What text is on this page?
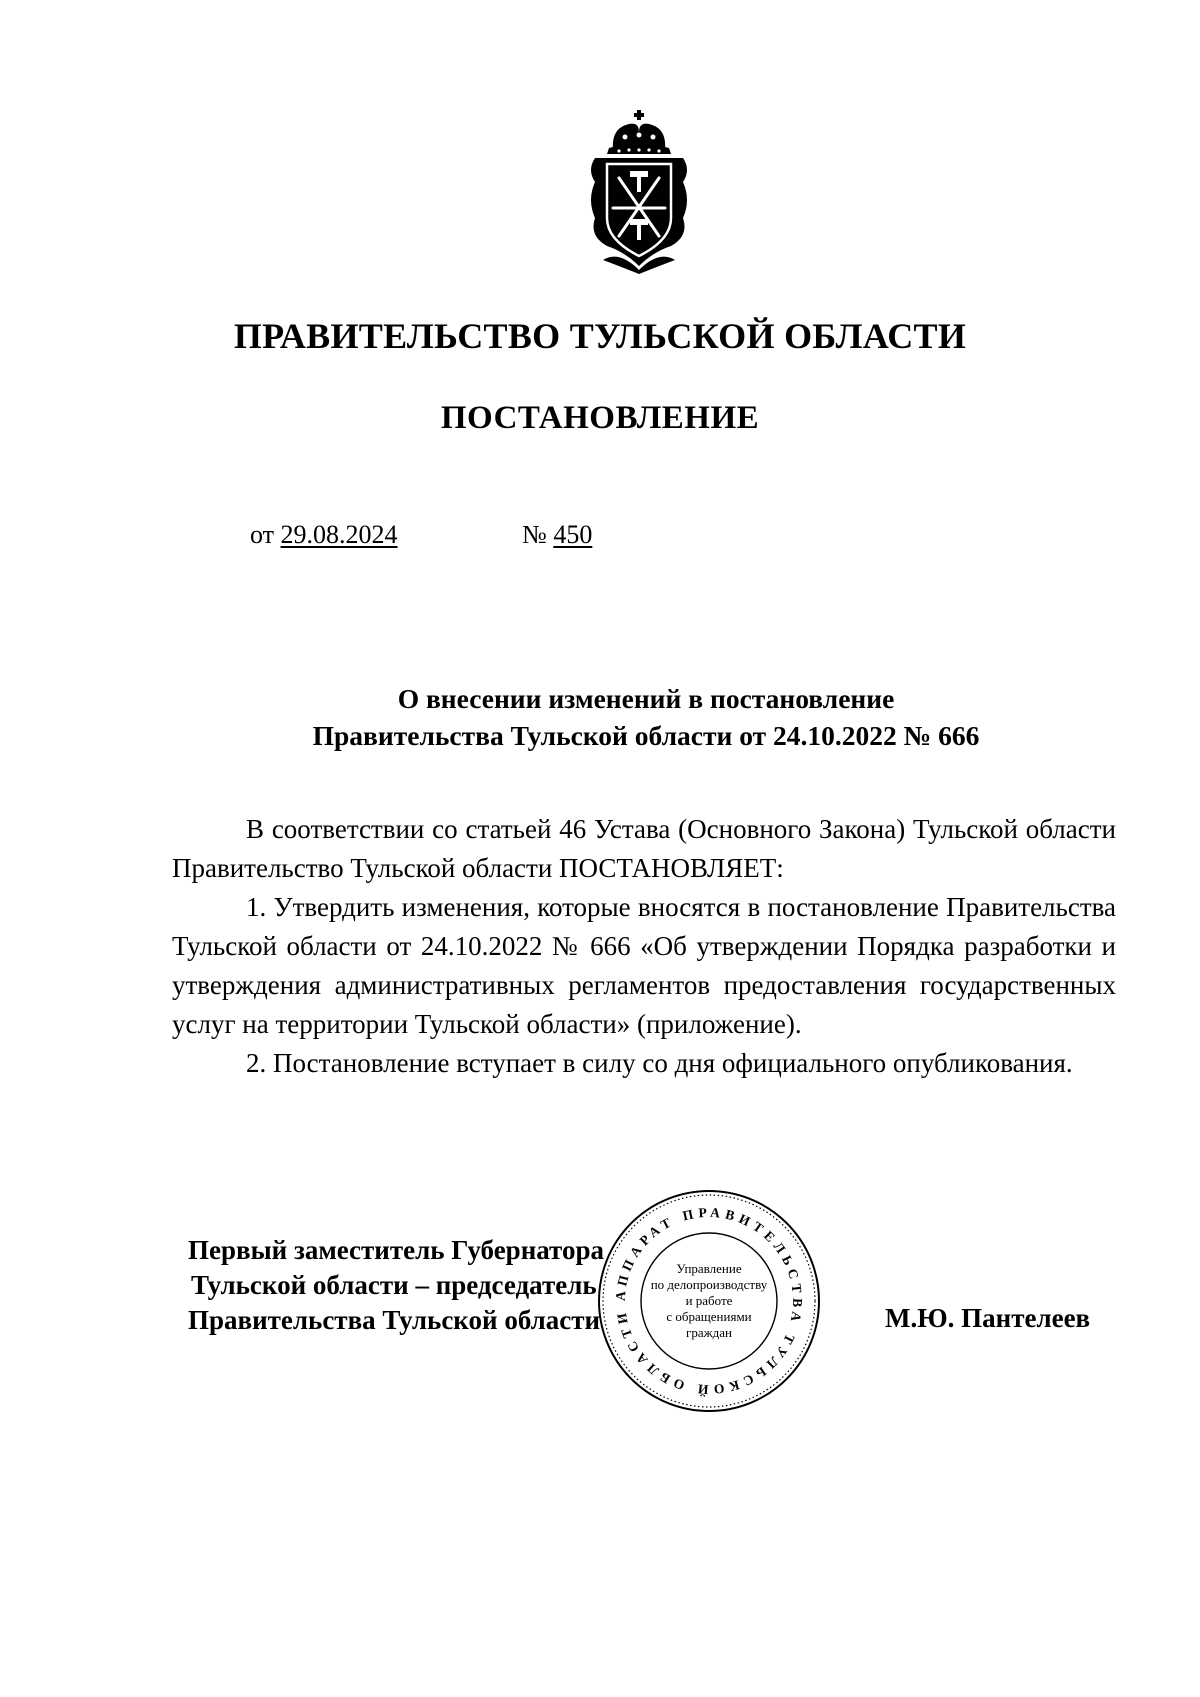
ПРАВИТЕЛЬСТВО ТУЛЬСКОЙ ОБЛАСТИ
ПОСТАНОВЛЕНИЕ
от 29.08.2024	№ 450
О внесении изменений в постановление
Правительства Тульской области от 24.10.2022 № 666

В соответствии со статьей 46 Устава (Основного Закона) Тульской области Правительство Тульской области ПОСТАНОВЛЯЕТ:

1. Утвердить изменения, которые вносятся в постановление Правительства Тульской области от 24.10.2022 № 666 «Об утверждении Порядка разработки и утверждения административных регламентов предоставления государственных услуг на территории Тульской области» (приложение).

2. Постановление вступает в силу со дня официального опубликования.

Первый заместитель Губернатора
Тульской области – председатель
Правительства Тульской области	М.Ю. Пантелеев
АППАРАТ ПРАВИТЕЛЬСТВА ТУЛЬСКОЙ ОБЛАСТИ
Управление
по делопроизводству
и работе
с обращениями
граждан
